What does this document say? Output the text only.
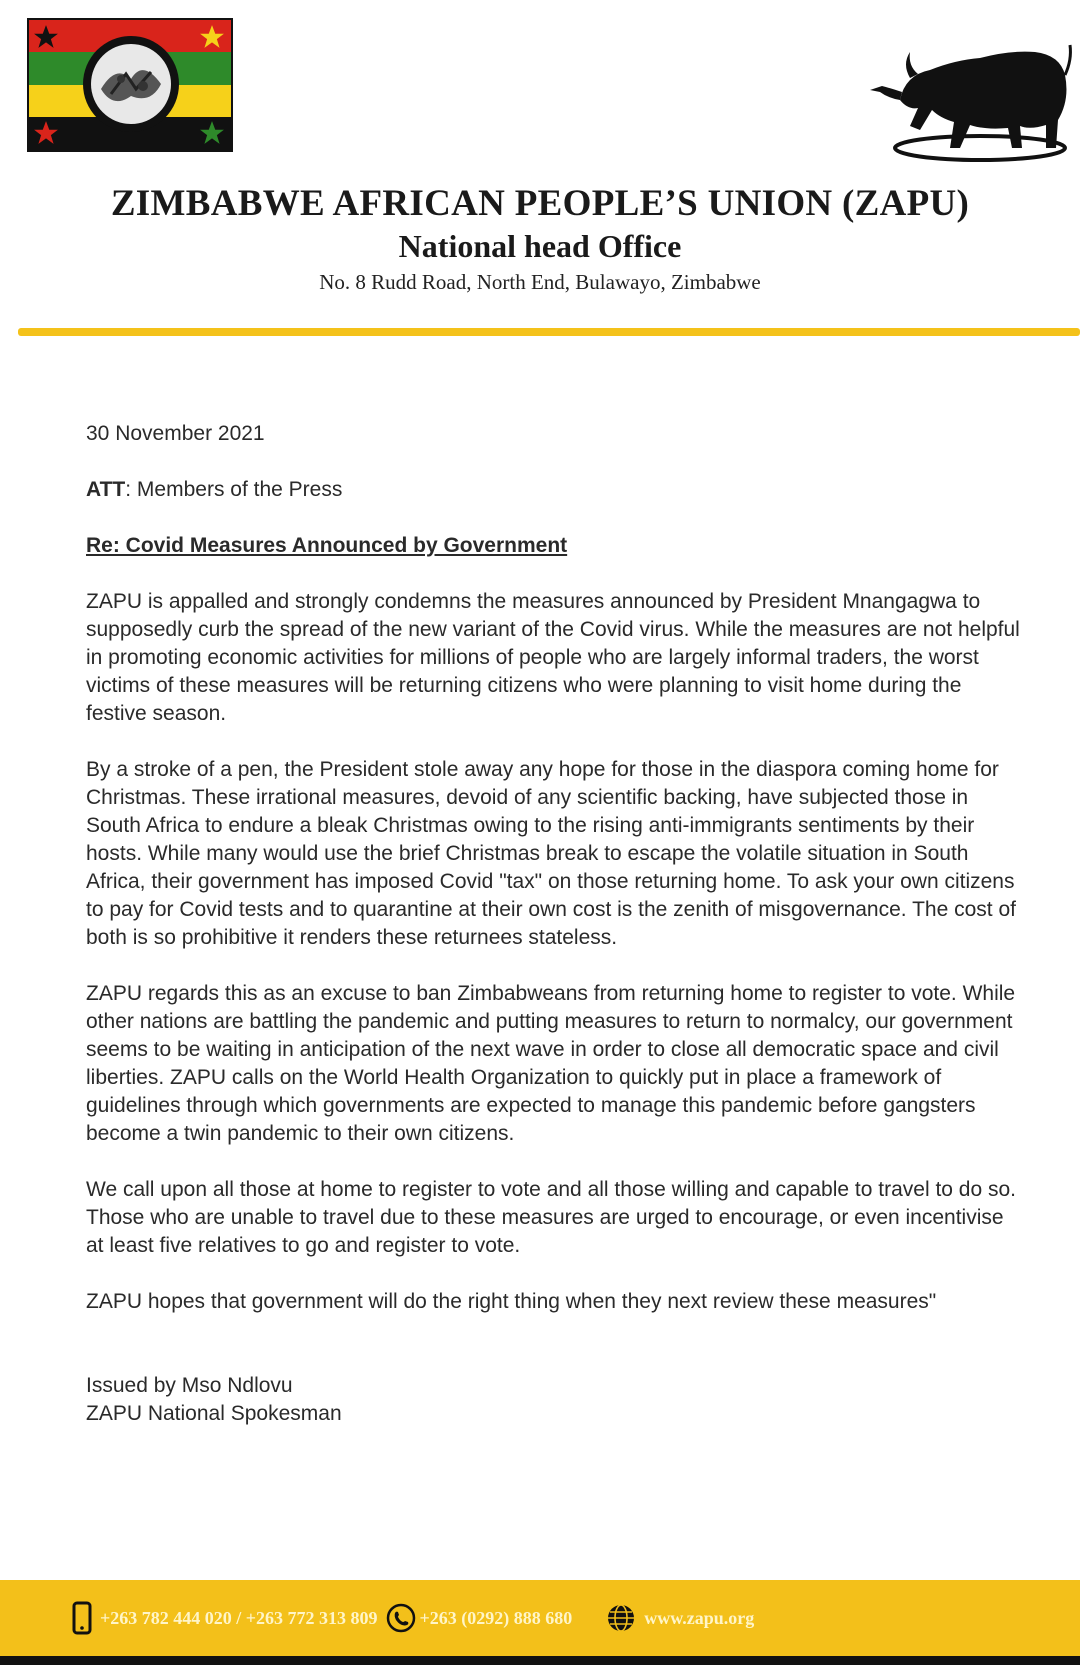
ZIMBABWE AFRICAN PEOPLE’S UNION (ZAPU)
National head Office
No. 8 Rudd Road, North End, Bulawayo, Zimbabwe
30 November 2021
ATT: Members of the Press
Re: Covid Measures Announced by Government
ZAPU is appalled and strongly condemns the measures announced by President Mnangagwa to supposedly curb the spread of the new variant of the Covid virus. While the measures are not helpful in promoting economic activities for millions of people who are largely informal traders, the worst victims of these measures will be returning citizens who were planning to visit home during the festive season.
By a stroke of a pen, the President stole away any hope for those in the diaspora coming home for Christmas. These irrational measures, devoid of any scientific backing, have subjected those in South Africa to endure a bleak Christmas owing to the rising anti-immigrants sentiments by their hosts. While many would use the brief Christmas break to escape the volatile situation in South Africa, their government has imposed Covid "tax" on those returning home. To ask your own citizens to pay for Covid tests and to quarantine at their own cost is the zenith of misgovernance. The cost of both is so prohibitive it renders these returnees stateless.
ZAPU regards this as an excuse to ban Zimbabweans from returning home to register to vote. While other nations are battling the pandemic and putting measures to return to normalcy, our government seems to be waiting in anticipation of the next wave in order to close all democratic space and civil liberties. ZAPU calls on the World Health Organization to quickly put in place a framework of guidelines through which governments are expected to manage this pandemic before gangsters become a twin pandemic to their own citizens.
We call upon all those at home to register to vote and all those willing and capable to travel to do so. Those who are unable to travel due to these measures are urged to encourage, or even incentivise at least five relatives to go and register to vote.
ZAPU hopes that government will do the right thing when they next review these measures"
Issued by Mso Ndlovu
ZAPU National Spokesman
+263 782 444 020 / +263 772 313 809 +263 (0292) 888 680	www.zapu.org
